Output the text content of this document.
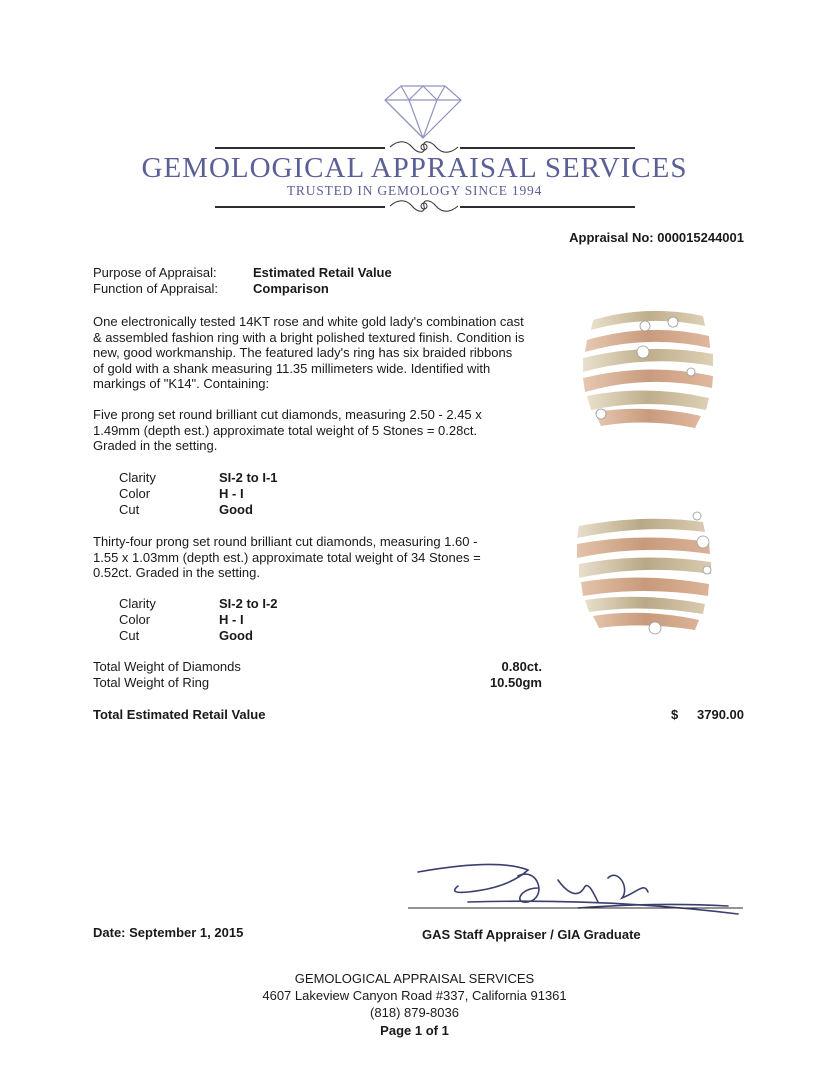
GEMOLOGICAL APPRAISAL SERVICES
TRUSTED IN GEMOLOGY SINCE 1994
Appraisal No: 000015244001
Purpose of Appraisal:	Estimated Retail Value
Function of Appraisal:	Comparison
One electronically tested 14KT rose and white gold lady's combination cast & assembled fashion ring with a bright polished textured finish. Condition is new, good workmanship. The featured lady's ring has six braided ribbons of gold with a shank measuring 11.35 millimeters wide. Identified with markings of "K14". Containing:
Five prong set round brilliant cut diamonds, measuring 2.50 - 2.45 x 1.49mm (depth est.) approximate total weight of 5 Stones = 0.28ct. Graded in the setting.
Clarity	SI-2 to I-1
Color	H - I
Cut	Good
Thirty-four prong set round brilliant cut diamonds, measuring 1.60 - 1.55 x 1.03mm (depth est.) approximate total weight of 34 Stones = 0.52ct. Graded in the setting.
Clarity	SI-2 to I-2
Color	H - I
Cut	Good
Total Weight of Diamonds	0.80ct.
Total Weight of Ring	10.50gm
Total Estimated Retail Value	$	3790.00
Date: September 1, 2015	GAS Staff Appraiser / GIA Graduate
GEMOLOGICAL APPRAISAL SERVICES
4607 Lakeview Canyon Road #337, California 91361
(818) 879-8036
Page 1 of 1
